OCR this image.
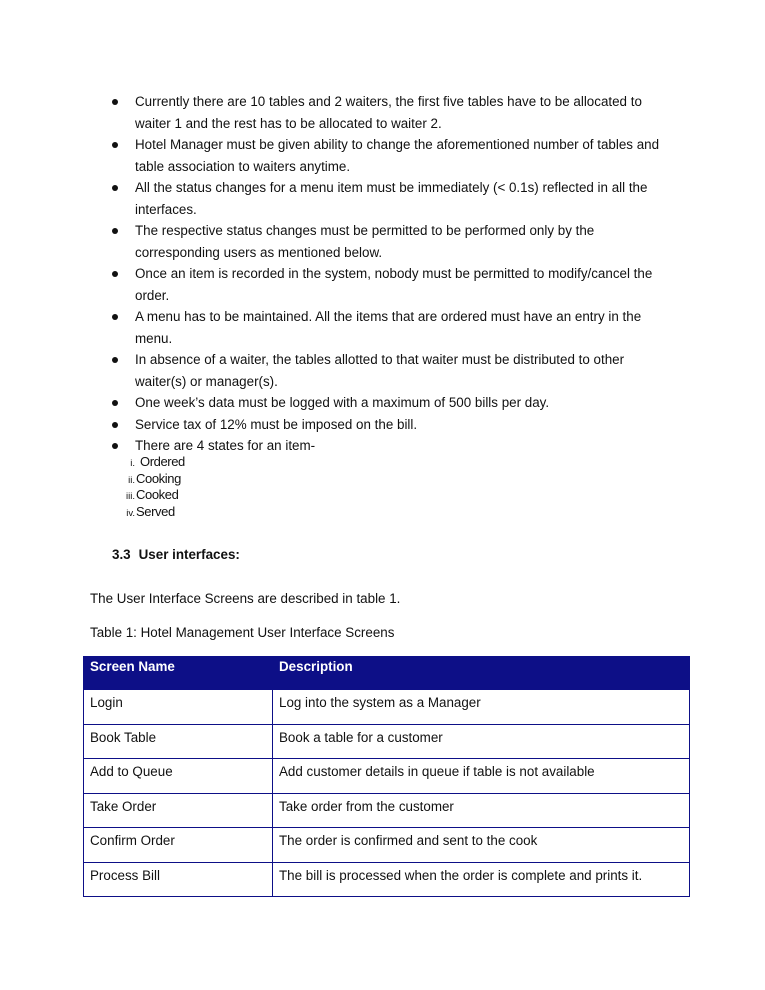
Currently there are 10 tables and 2 waiters, the first five tables have to be allocated to waiter 1 and the rest has to be allocated to waiter 2.
Hotel Manager must be given ability to change the aforementioned number of tables and table association to waiters anytime.
All the status changes for a menu item must be immediately (< 0.1s) reflected in all the interfaces.
The respective status changes must be permitted to be performed only by the corresponding users as mentioned below.
Once an item is recorded in the system, nobody must be permitted to modify/cancel the order.
A menu has to be maintained. All the items that are ordered must have an entry in the menu.
In absence of a waiter, the tables allotted to that waiter must be distributed to other waiter(s) or manager(s).
One week’s data must be logged with a maximum of 500 bills per day.
Service tax of 12% must be imposed on the bill.
There are 4 states for an item-
i. Ordered
ii.Cooking
iii.Cooked
iv.Served
3.3 User interfaces:
The User Interface Screens are described in table 1.
Table 1: Hotel Management User Interface Screens
Screen Name	Description
Login	Log into the system as a Manager
Book Table	Book a table for a customer
Add to Queue	Add customer details in queue if table is not available
Take Order	Take order from the customer
Confirm Order	The order is confirmed and sent to the cook
Process Bill	The bill is processed when the order is complete and prints it.
